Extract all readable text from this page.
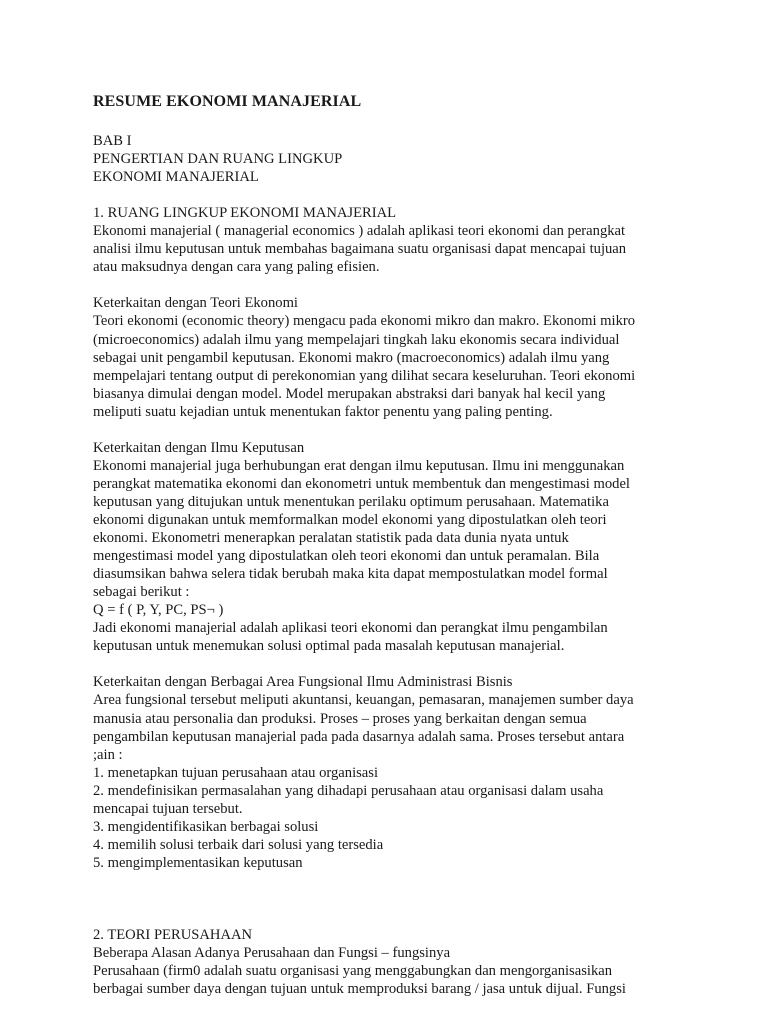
RESUME EKONOMI MANAJERIAL
BAB I
PENGERTIAN DAN RUANG LINGKUP
EKONOMI MANAJERIAL
1. RUANG LINGKUP EKONOMI MANAJERIAL
Ekonomi manajerial ( managerial economics ) adalah aplikasi teori ekonomi dan perangkat
analisi ilmu keputusan untuk membahas bagaimana suatu organisasi dapat mencapai tujuan
atau maksudnya dengan cara yang paling efisien.
Keterkaitan dengan Teori Ekonomi
Teori ekonomi (economic theory) mengacu pada ekonomi mikro dan makro. Ekonomi mikro
(microeconomics) adalah ilmu yang mempelajari tingkah laku ekonomis secara individual
sebagai unit pengambil keputusan. Ekonomi makro (macroeconomics) adalah ilmu yang
mempelajari tentang output di perekonomian yang dilihat secara keseluruhan. Teori ekonomi
biasanya dimulai dengan model. Model merupakan abstraksi dari banyak hal kecil yang
meliputi suatu kejadian untuk menentukan faktor penentu yang paling penting.
Keterkaitan dengan Ilmu Keputusan
Ekonomi manajerial juga berhubungan erat dengan ilmu keputusan. Ilmu ini menggunakan
perangkat matematika ekonomi dan ekonometri untuk membentuk dan mengestimasi model
keputusan yang ditujukan untuk menentukan perilaku optimum perusahaan. Matematika
ekonomi digunakan untuk memformalkan model ekonomi yang dipostulatkan oleh teori
ekonomi. Ekonometri menerapkan peralatan statistik pada data dunia nyata untuk
mengestimasi model yang dipostulatkan oleh teori ekonomi dan untuk peramalan. Bila
diasumsikan bahwa selera tidak berubah maka kita dapat mempostulatkan model formal
sebagai berikut :
Q = f ( P, Y, PC, PS¬ )
Jadi ekonomi manajerial adalah aplikasi teori ekonomi dan perangkat ilmu pengambilan
keputusan untuk menemukan solusi optimal pada masalah keputusan manajerial.
Keterkaitan dengan Berbagai Area Fungsional Ilmu Administrasi Bisnis
Area fungsional tersebut meliputi akuntansi, keuangan, pemasaran, manajemen sumber daya
manusia atau personalia dan produksi. Proses – proses yang berkaitan dengan semua
pengambilan keputusan manajerial pada pada dasarnya adalah sama. Proses tersebut antara
;ain :
1. menetapkan tujuan perusahaan atau organisasi
2. mendefinisikan permasalahan yang dihadapi perusahaan atau organisasi dalam usaha
mencapai tujuan tersebut.
3. mengidentifikasikan berbagai solusi
4. memilih solusi terbaik dari solusi yang tersedia
5. mengimplementasikan keputusan
2. TEORI PERUSAHAAN
Beberapa Alasan Adanya Perusahaan dan Fungsi – fungsinya
Perusahaan (firm0 adalah suatu organisasi yang menggabungkan dan mengorganisasikan
berbagai sumber daya dengan tujuan untuk memproduksi barang / jasa untuk dijual. Fungsi
